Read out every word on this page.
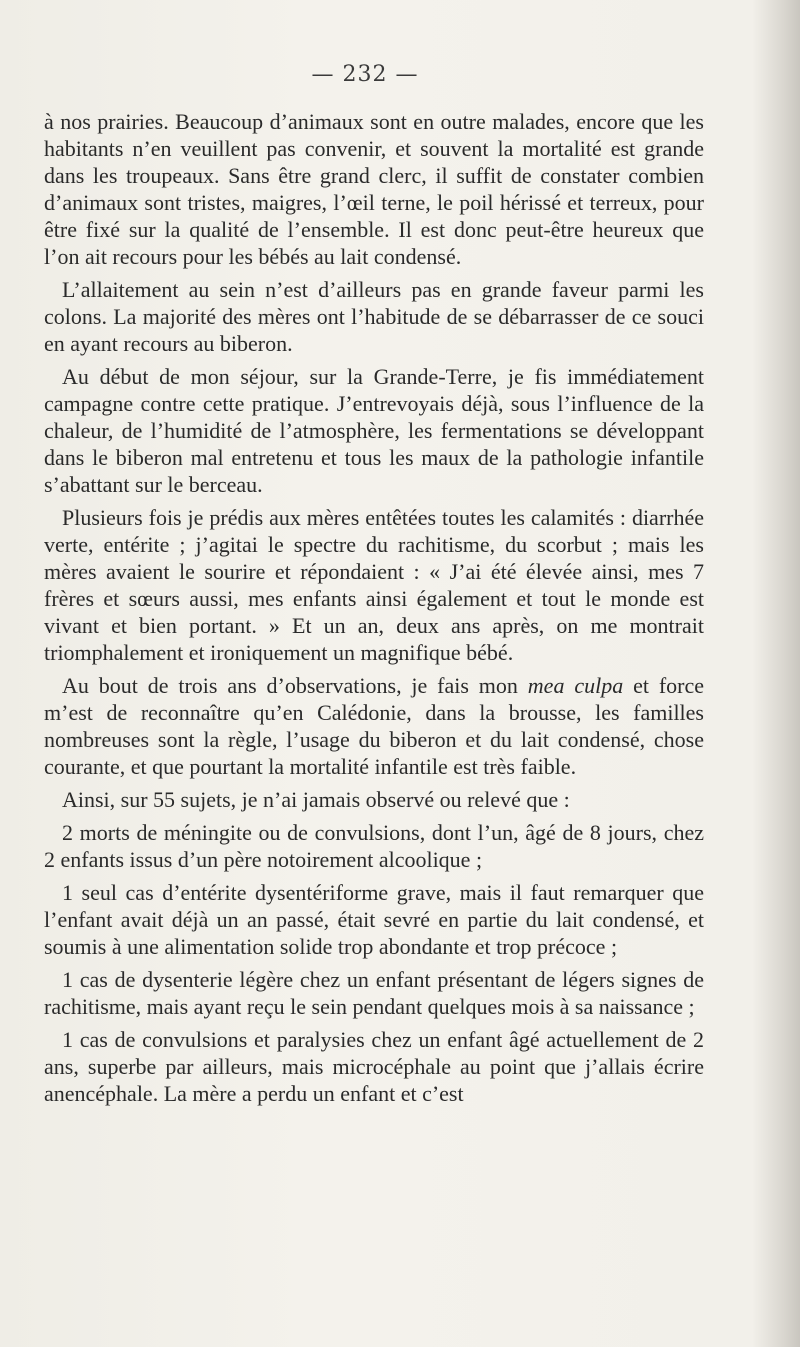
— 232 —

à nos prairies. Beaucoup d’animaux sont en outre malades, encore que les habitants n’en veuillent pas convenir, et souvent la mortalité est grande dans les troupeaux. Sans être grand clerc, il suffit de constater combien d’animaux sont tristes, maigres, l’œil terne, le poil hérissé et terreux, pour être fixé sur la qualité de l’ensemble. Il est donc peut-être heureux que l’on ait recours pour les bébés au lait condensé.

L’allaitement au sein n’est d’ailleurs pas en grande faveur parmi les colons. La majorité des mères ont l’habitude de se débarrasser de ce souci en ayant recours au biberon.

Au début de mon séjour, sur la Grande-Terre, je fis immédiatement campagne contre cette pratique. J’entrevoyais déjà, sous l’influence de la chaleur, de l’humidité de l’atmosphère, les fermentations se développant dans le biberon mal entretenu et tous les maux de la pathologie infantile s’abattant sur le berceau.

Plusieurs fois je prédis aux mères entêtées toutes les calamités : diarrhée verte, entérite ; j’agitai le spectre du rachitisme, du scorbut ; mais les mères avaient le sourire et répondaient : « J’ai été élevée ainsi, mes 7 frères et sœurs aussi, mes enfants ainsi également et tout le monde est vivant et bien portant. » Et un an, deux ans après, on me montrait triomphalement et ironiquement un magnifique bébé.

Au bout de trois ans d’observations, je fais mon mea culpa et force m’est de reconnaître qu’en Calédonie, dans la brousse, les familles nombreuses sont la règle, l’usage du biberon et du lait condensé, chose courante, et que pourtant la mortalité infantile est très faible.

Ainsi, sur 55 sujets, je n’ai jamais observé ou relevé que :

2 morts de méningite ou de convulsions, dont l’un, âgé de 8 jours, chez 2 enfants issus d’un père notoirement alcoolique ;

1 seul cas d’entérite dysentériforme grave, mais il faut remarquer que l’enfant avait déjà un an passé, était sevré en partie du lait condensé, et soumis à une alimentation solide trop abondante et trop précoce ;

1 cas de dysenterie légère chez un enfant présentant de légers signes de rachitisme, mais ayant reçu le sein pendant quelques mois à sa naissance ;

1 cas de convulsions et paralysies chez un enfant âgé actuellement de 2 ans, superbe par ailleurs, mais microcéphale au point que j’allais écrire anencéphale. La mère a perdu un enfant et c’est
